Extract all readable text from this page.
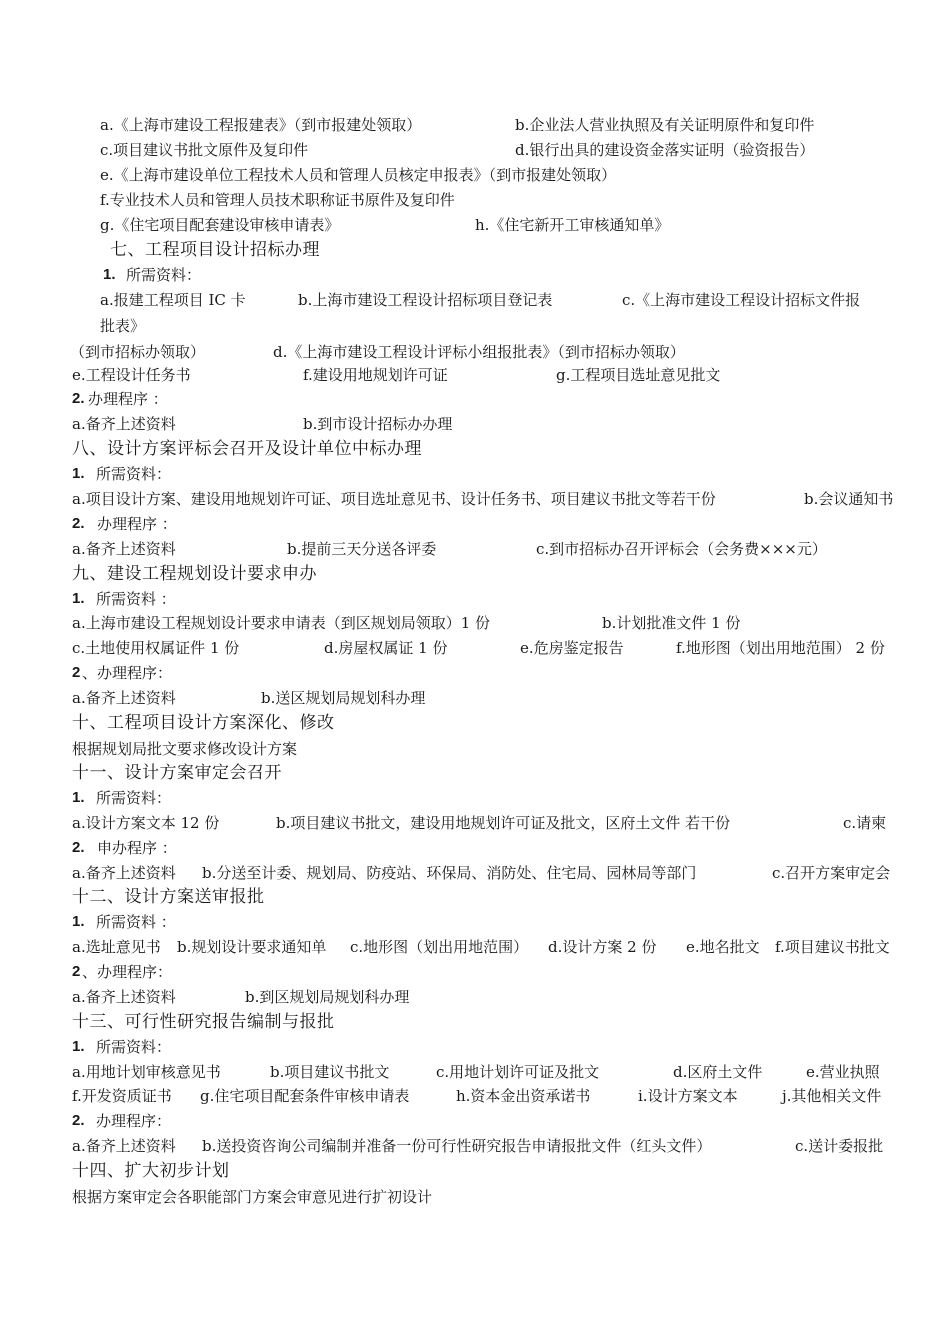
a.《上海市建设工程报建表》（到市报建处领取）	b.企业法人营业执照及有关证明原件和复印件
c.项目建议书批文原件及复印件	d.银行出具的建设资金落实证明（验资报告）
e.《上海市建设单位工程技术人员和管理人员核定申报表》（到市报建处领取）
f.专业技术人员和管理人员技术职称证书原件及复印件
g.《住宅项目配套建设审核申请表》	h.《住宅新开工审核通知单》
七、工程项目设计招标办理
1. 所需资料：
a.报建工程项目 IC 卡	b.上海市建设工程设计招标项目登记表	c.《上海市建设工程设计招标文件报
批表》
（到市招标办领取）	d.《上海市建设工程设计评标小组报批表》（到市招标办领取）
e.工程设计任务书	f.建设用地规划许可证	g.工程项目选址意见批文
2. 办理程序 ：
a.备齐上述资料	b.到市设计招标办办理
八、设计方案评标会召开及设计单位中标办理
1. 所需资料：
a.项目设计方案、建设用地规划许可证、项目选址意见书、设计任务书、项目建议书批文等若干份	b.会议通知书
2. 办理程序 ：
a.备齐上述资料	b.提前三天分送各评委	c.到市招标办召开评标会（会务费×××元）
九、建设工程规划设计要求申办
1. 所需资料 ：
a.上海市建设工程规划设计要求申请表（到区规划局领取）1 份	b.计划批准文件 1 份
c.土地使用权属证件 1 份	d.房屋权属证 1 份	e.危房鉴定报告	f.地形图（划出用地范围） 2 份
2 、办理程序：
a.备齐上述资料	b.送区规划局规划科办理
十、工程项目设计方案深化、修改
根据规划局批文要求修改设计方案
十一、设计方案审定会召开
1. 所需资料：
a.设计方案文本 12 份	b.项目建议书批文，建设用地规划许可证及批文，区府土文件 若干份	c.请柬
2. 申办程序 ：
a.备齐上述资料 b.分送至计委、规划局、防疫站、环保局、消防处、住宅局、园林局等部门	c.召开方案审定会
十二、设计方案送审报批
1. 所需资料 ：
a.选址意见书 b.规划设计要求通知单 c.地形图（划出用地范围） d.设计方案 2 份 e.地名批文 f.项目建议书批文
2 、办理程序：
a.备齐上述资料	b.到区规划局规划科办理
十三、可行性研究报告编制与报批
1. 所需资料：
a.用地计划审核意见书	b.项目建议书批文	c.用地计划许可证及批文	d.区府土文件	e.营业执照
f.开发资质证书 g.住宅项目配套条件审核申请表	h.资本金出资承诺书	i.设计方案文本	j.其他相关文件
2. 办理程序：
a.备齐上述资料 b.送投资咨询公司编制并准备一份可行性研究报告申请报批文件（红头文件）	c.送计委报批
十四、扩大初步计划
根据方案审定会各职能部门方案会审意见进行扩初设计
